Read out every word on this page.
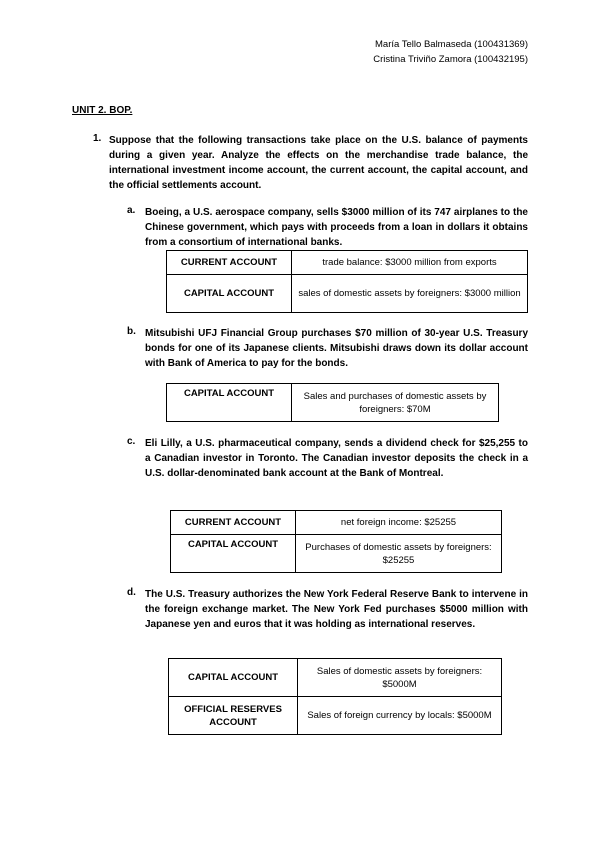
María Tello Balmaseda (100431369)
Cristina Triviño Zamora (100432195)
UNIT 2. BOP.
1. Suppose that the following transactions take place on the U.S. balance of payments during a given year. Analyze the effects on the merchandise trade balance, the international investment income account, the current account, the capital account, and the official settlements account.
a. Boeing, a U.S. aerospace company, sells $3000 million of its 747 airplanes to the Chinese government, which pays with proceeds from a loan in dollars it obtains from a consortium of international banks.
CURRENT ACCOUNT	trade balance: $3000 million from exports
CAPITAL ACCOUNT	sales of domestic assets by foreigners: $3000 million
b. Mitsubishi UFJ Financial Group purchases $70 million of 30-year U.S. Treasury bonds for one of its Japanese clients. Mitsubishi draws down its dollar account with Bank of America to pay for the bonds.
CAPITAL ACCOUNT	Sales and purchases of domestic assets by foreigners: $70M
c. Eli Lilly, a U.S. pharmaceutical company, sends a dividend check for $25,255 to a Canadian investor in Toronto. The Canadian investor deposits the check in a U.S. dollar-denominated bank account at the Bank of Montreal.
CURRENT ACCOUNT	net foreign income: $25255
CAPITAL ACCOUNT	Purchases of domestic assets by foreigners: $25255
d. The U.S. Treasury authorizes the New York Federal Reserve Bank to intervene in the foreign exchange market. The New York Fed purchases $5000 million with Japanese yen and euros that it was holding as international reserves.
CAPITAL ACCOUNT	Sales of domestic assets by foreigners: $5000M
OFFICIAL RESERVES ACCOUNT	Sales of foreign currency by locals: $5000M
